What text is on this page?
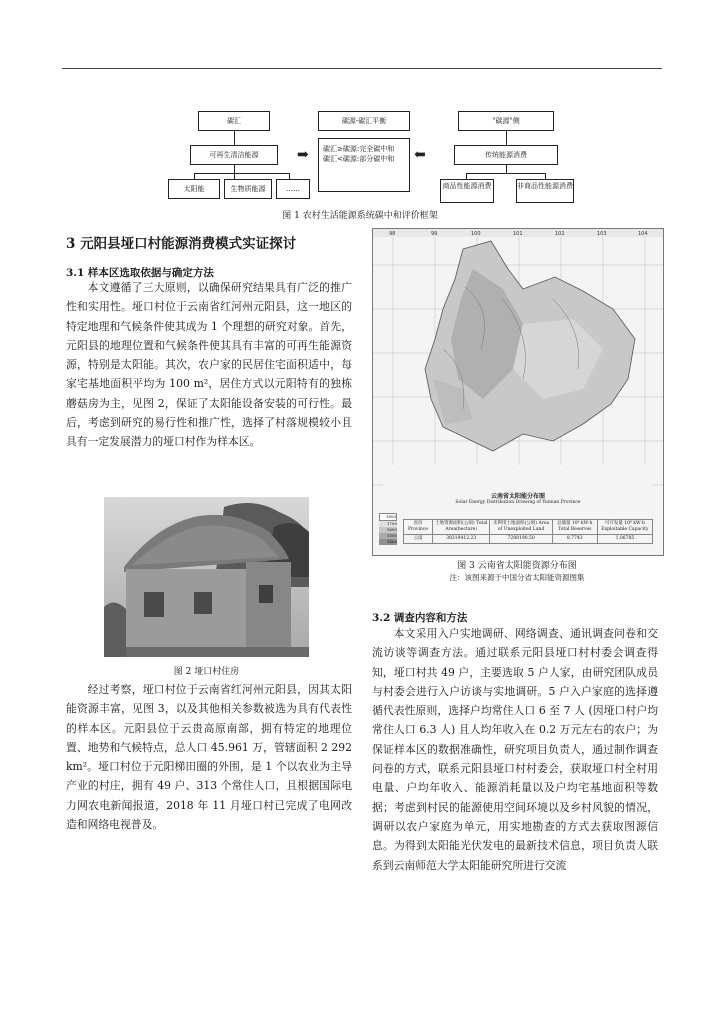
碳汇
可再生清洁能源
太阳能	生物质能源	……
碳源-碳汇平衡
碳汇≥碳源:完全碳中和
碳汇<碳源:部分碳中和
➡	⬅
"碳源"侧
传统能源消费
商品性能源消费	非商品性能源消费
图 1 农村生活能源系统碳中和评价框架
3 元阳县垭口村能源消费模式实证探讨
3.1 样本区选取依据与确定方法

本文遵循了三大原则，以确保研究结果具有广泛的推广性和实用性。垭口村位于云南省红河州元阳县，这一地区的特定地理和气候条件使其成为 1 个理想的研究对象。首先，元阳县的地理位置和气候条件使其具有丰富的可再生能源资源，特别是太阳能。其次，农户家的民居住宅面积适中，每家宅基地面积平均为 100 m²，居住方式以元阳特有的独栋蘑菇房为主，见图 2，保证了太阳能设备安装的可行性。最后，考虑到研究的易行性和推广性，选择了村落规模较小且具有一定发展潜力的垭口村作为样本区。

图 2 垭口村住房

经过考察，垭口村位于云南省红河州元阳县，因其太阳能资源丰富，见图 3，以及其他相关参数被选为具有代表性的样本区。元阳县位于云贵高原南部，拥有特定的地理位置、地势和气候特点，总人口 45.961 万，管辖面积 2 292 km²。垭口村位于元阳梯田圈的外围，是 1 个以农业为主导产业的村庄，拥有 49 户、313 个常住人口，且根据国际电力网农电新闻报道，2018 年 11 月垭口村已完成了电网改造和网络电视普及。

98	99	100	101	102	103	104
云南省太阳能分布图
Solar Energy Distribution Drawing of Yunnan Province
1800
1700
1600
1500
1400
省份 Province	土地资源面积(公顷) Total Area(hectare)	未利用土地面积(公顷) Area of Unexploited Land	总储量 10⁸ kW·h Total Reserves	可开发量 10⁸ kW·h Exploitable Capacity
云南	38319412.23	7288190.50	8.7743	1.06785
图 3 云南省太阳能资源分布图
注：该图来源于中国分省太阳能资源图集
3.2 调查内容和方法

本文采用入户实地调研、网络调查、通讯调查问卷和交流访谈等调查方法。通过联系元阳县垭口村村委会调查得知，垭口村共 49 户，主要选取 5 户人家，由研究团队成员与村委会进行入户访谈与实地调研。5 户入户家庭的选择遵循代表性原则，选择户均常住人口 6 至 7 人 (因垭口村户均常住人口 6.3 人) 且人均年收入在 0.2 万元左右的农户；为保证样本区的数据准确性，研究项目负责人，通过制作调查问卷的方式，联系元阳县垭口村村委会，获取垭口村全村用电量、户均年收入、能源消耗量以及户均宅基地面积等数据；考虑到村民的能源使用空间环境以及乡村风貌的情况，调研以农户家庭为单元，用实地勘查的方式去获取图源信息。为得到太阳能光伏发电的最新技术信息，项目负责人联系到云南师范大学太阳能研究所进行交流
